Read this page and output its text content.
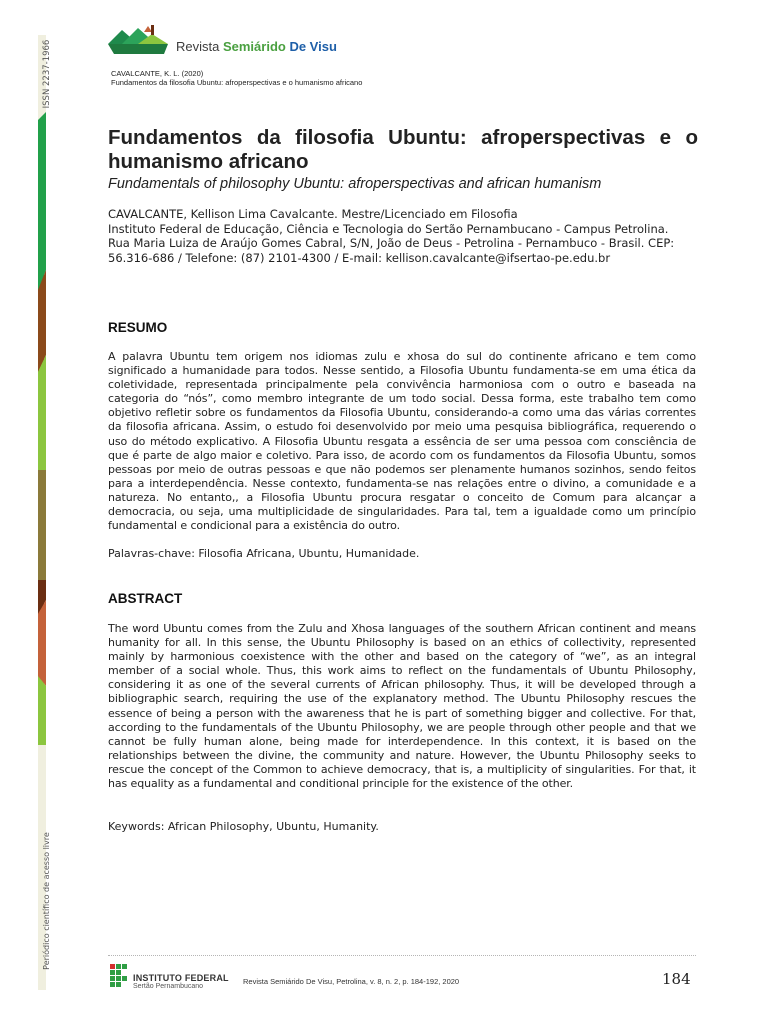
ISSN 2237-1966
Periódico científico de acesso livre
Revista Semiárido De Visu
CAVALCANTE, K. L. (2020)
Fundamentos da filosofia Ubuntu: afroperspectivas e o humanismo africano
Fundamentos da filosofia Ubuntu: afroperspectivas e o humanismo africano

Fundamentals of philosophy Ubuntu: afroperspectivas and african humanism

CAVALCANTE, Kellison Lima Cavalcante. Mestre/Licenciado em Filosofia
Instituto Federal de Educação, Ciência e Tecnologia do Sertão Pernambucano - Campus Petrolina.
Rua Maria Luiza de Araújo Gomes Cabral, S/N, João de Deus - Petrolina - Pernambuco - Brasil. CEP:
56.316-686 / Telefone: (87) 2101-4300 / E-mail: kellison.cavalcante@ifsertao-pe.edu.br
RESUMO

A palavra Ubuntu tem origem nos idiomas zulu e xhosa do sul do continente africano e tem como significado a humanidade para todos. Nesse sentido, a Filosofia Ubuntu fundamenta-se em uma ética da coletividade, representada principalmente pela convivência harmoniosa com o outro e baseada na categoria do “nós”, como membro integrante de um todo social. Dessa forma, este trabalho tem como objetivo refletir sobre os fundamentos da Filosofia Ubuntu, considerando-a como uma das várias correntes da filosofia africana. Assim, o estudo foi desenvolvido por meio uma pesquisa bibliográfica, requerendo o uso do método explicativo. A Filosofia Ubuntu resgata a essência de ser uma pessoa com consciência de que é parte de algo maior e coletivo. Para isso, de acordo com os fundamentos da Filosofia Ubuntu, somos pessoas por meio de outras pessoas e que não podemos ser plenamente humanos sozinhos, sendo feitos para a interdependência. Nesse contexto, fundamenta-se nas relações entre o divino, a comunidade e a natureza. No entanto,, a Filosofia Ubuntu procura resgatar o conceito de Comum para alcançar a democracia, ou seja, uma multiplicidade de singularidades. Para tal, tem a igualdade como um princípio fundamental e condicional para a existência do outro.

Palavras-chave: Filosofia Africana, Ubuntu, Humanidade.

ABSTRACT

The word Ubuntu comes from the Zulu and Xhosa languages of the southern African continent and means humanity for all. In this sense, the Ubuntu Philosophy is based on an ethics of collectivity, represented mainly by harmonious coexistence with the other and based on the category of “we”, as an integral member of a social whole. Thus, this work aims to reflect on the fundamentals of Ubuntu Philosophy, considering it as one of the several currents of African philosophy. Thus, it will be developed through a bibliographic search, requiring the use of the explanatory method. The Ubuntu Philosophy rescues the essence of being a person with the awareness that he is part of something bigger and collective. For that, according to the fundamentals of the Ubuntu Philosophy, we are people through other people and that we cannot be fully human alone, being made for interdependence. In this context, it is based on the relationships between the divine, the community and nature. However, the Ubuntu Philosophy seeks to rescue the concept of the Common to achieve democracy, that is, a multiplicity of singularities. For that, it has equality as a fundamental and conditional principle for the existence of the other.

Keywords: African Philosophy, Ubuntu, Humanity.

INSTITUTO FEDERAL
Sertão Pernambucano
Revista Semiárido De Visu, Petrolina, v. 8, n. 2, p. 184-192, 2020	184
